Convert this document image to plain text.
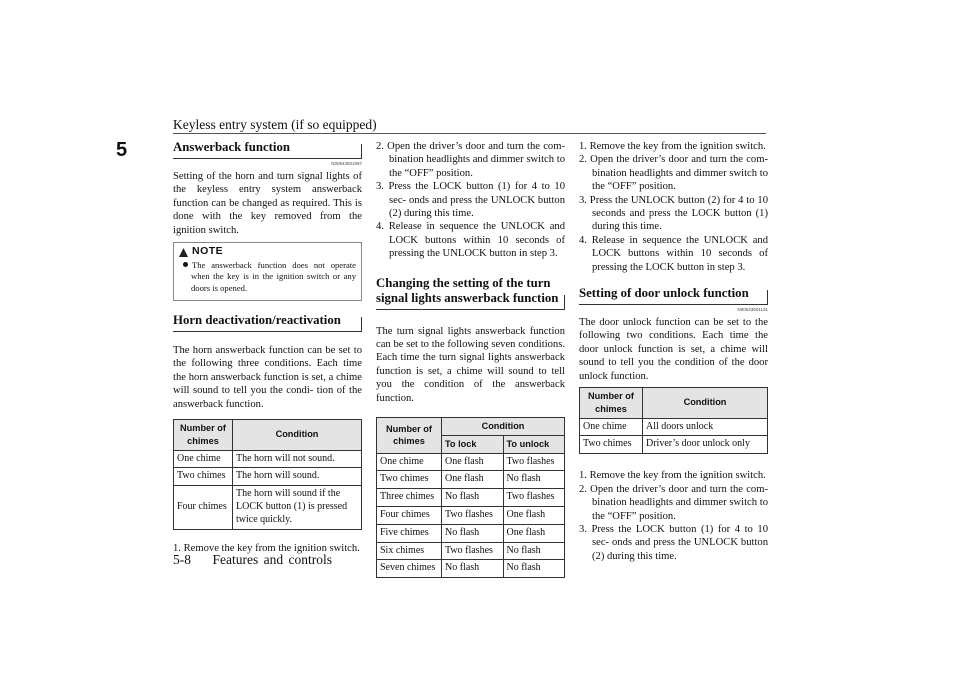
Keyless entry system (if so equipped)
5	Answerback function
N00543501097

Setting of the horn and turn signal lights of the keyless entry system answerback function can be changed as required. This is done with the key removed from the ignition switch.

NOTE
The answerback function does not operate when the key is in the ignition switch or any doors is opened.
Horn deactivation/reactivation

The horn answerback function can be set to the following three conditions. Each time the horn answerback function is set, a chime will sound to tell you the condi- tion of the answerback function.

Number of chimes	Condition
One chime	The horn will not sound.
Two chimes	The horn will sound.
Four chimes	The horn will sound if the LOCK button (1) is pressed twice quickly.
1. Remove the key from the ignition switch.
2. Open the driver’s door and turn the com- bination headlights and dimmer switch to the “OFF” position.
3. Press the LOCK button (1) for 4 to 10 sec- onds and press the UNLOCK button (2) during this time.
4. Release in sequence the UNLOCK and LOCK buttons within 10 seconds of pressing the UNLOCK button in step 3.
Changing the setting of the turn signal lights answerback function

The turn signal lights answerback function can be set to the following seven conditions. Each time the turn signal lights answerback function is set, a chime will sound to tell you the condition of the answerback function.

Number of chimes	Condition	
	To lock	To unlock
One chime	One flash	Two flashes
Two chimes	One flash	No flash
Three chimes	No flash	Two flashes
Four chimes	Two flashes	One flash
Five chimes	No flash	One flash
Six chimes	Two flashes	No flash
Seven chimes	No flash	No flash
1. Remove the key from the ignition switch.
2. Open the driver’s door and turn the com- bination headlights and dimmer switch to the “OFF” position.
3. Press the UNLOCK button (2) for 4 to 10 seconds and press the LOCK button (1) during this time.
4. Release in sequence the UNLOCK and LOCK buttons within 10 seconds of pressing the LOCK button in step 3.
Setting of door unlock function
N00543601131

The door unlock function can be set to the following two conditions. Each time the door unlock function is set, a chime will sound to tell you the condition of the door unlock function.

Number of chimes	Condition
One chime	All doors unlock
Two chimes	Driver’s door unlock only
1. Remove the key from the ignition switch.
2. Open the driver’s door and turn the com- bination headlights and dimmer switch to the “OFF” position.
3. Press the LOCK button (1) for 4 to 10 sec- onds and press the UNLOCK button (2) during this time.
5-8 Features and controls
